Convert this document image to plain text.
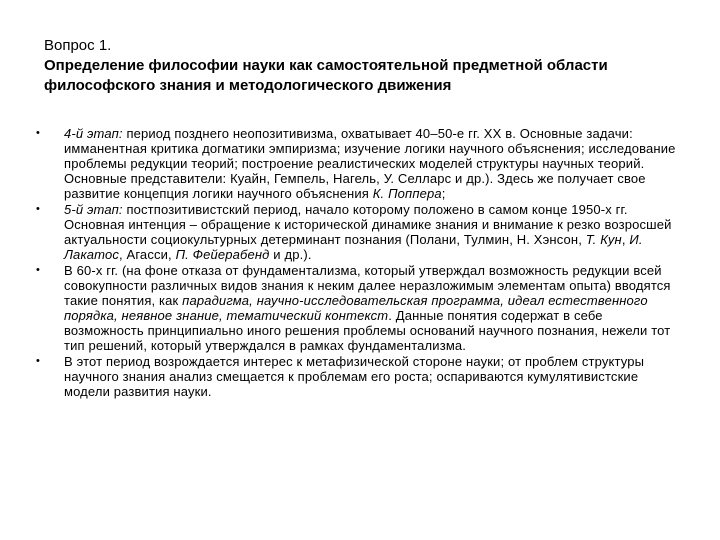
Вопрос 1.

Определение философии науки как самостоятельной предметной области философского знания и методологического движения

•	4-й этап: период позднего неопозитивизма, охватывает 40–50-е гг. ХХ в. Основные задачи: имманентная критика догматики эмпиризма; изучение логики научного объяснения; исследование проблемы редукции теорий; построение реалистических моделей структуры научных теорий. Основные представители: Куайн, Гемпель, Нагель, У. Селларс и др.). Здесь же получает свое развитие концепция логики научного объяснения К. Поппера;
•	5-й этап: постпозитивистский период, начало которому положено в самом конце 1950-х гг. Основная интенция – обращение к исторической динамике знания и внимание к резко возросшей актуальности социокультурных детерминант познания (Полани, Тулмин, Н. Хэнсон, Т. Кун, И. Лакатос, Агасси, П. Фейерабенд и др.).
•	В 60-х гг. (на фоне отказа от фундаментализма, который утверждал возможность редукции всей совокупности различных видов знания к неким далее неразложимым элементам опыта) вводятся такие понятия, как парадигма, научно-исследовательская программа, идеал естественного порядка, неявное знание, тематический контекст. Данные понятия содержат в себе возможность принципиально иного решения проблемы оснований научного познания, нежели тот тип решений, который утверждался в рамках фундаментализма.
•	В этот период возрождается интерес к метафизической стороне науки; от проблем структуры научного знания анализ смещается к проблемам его роста; оспариваются кумулятивистские модели развития науки.
